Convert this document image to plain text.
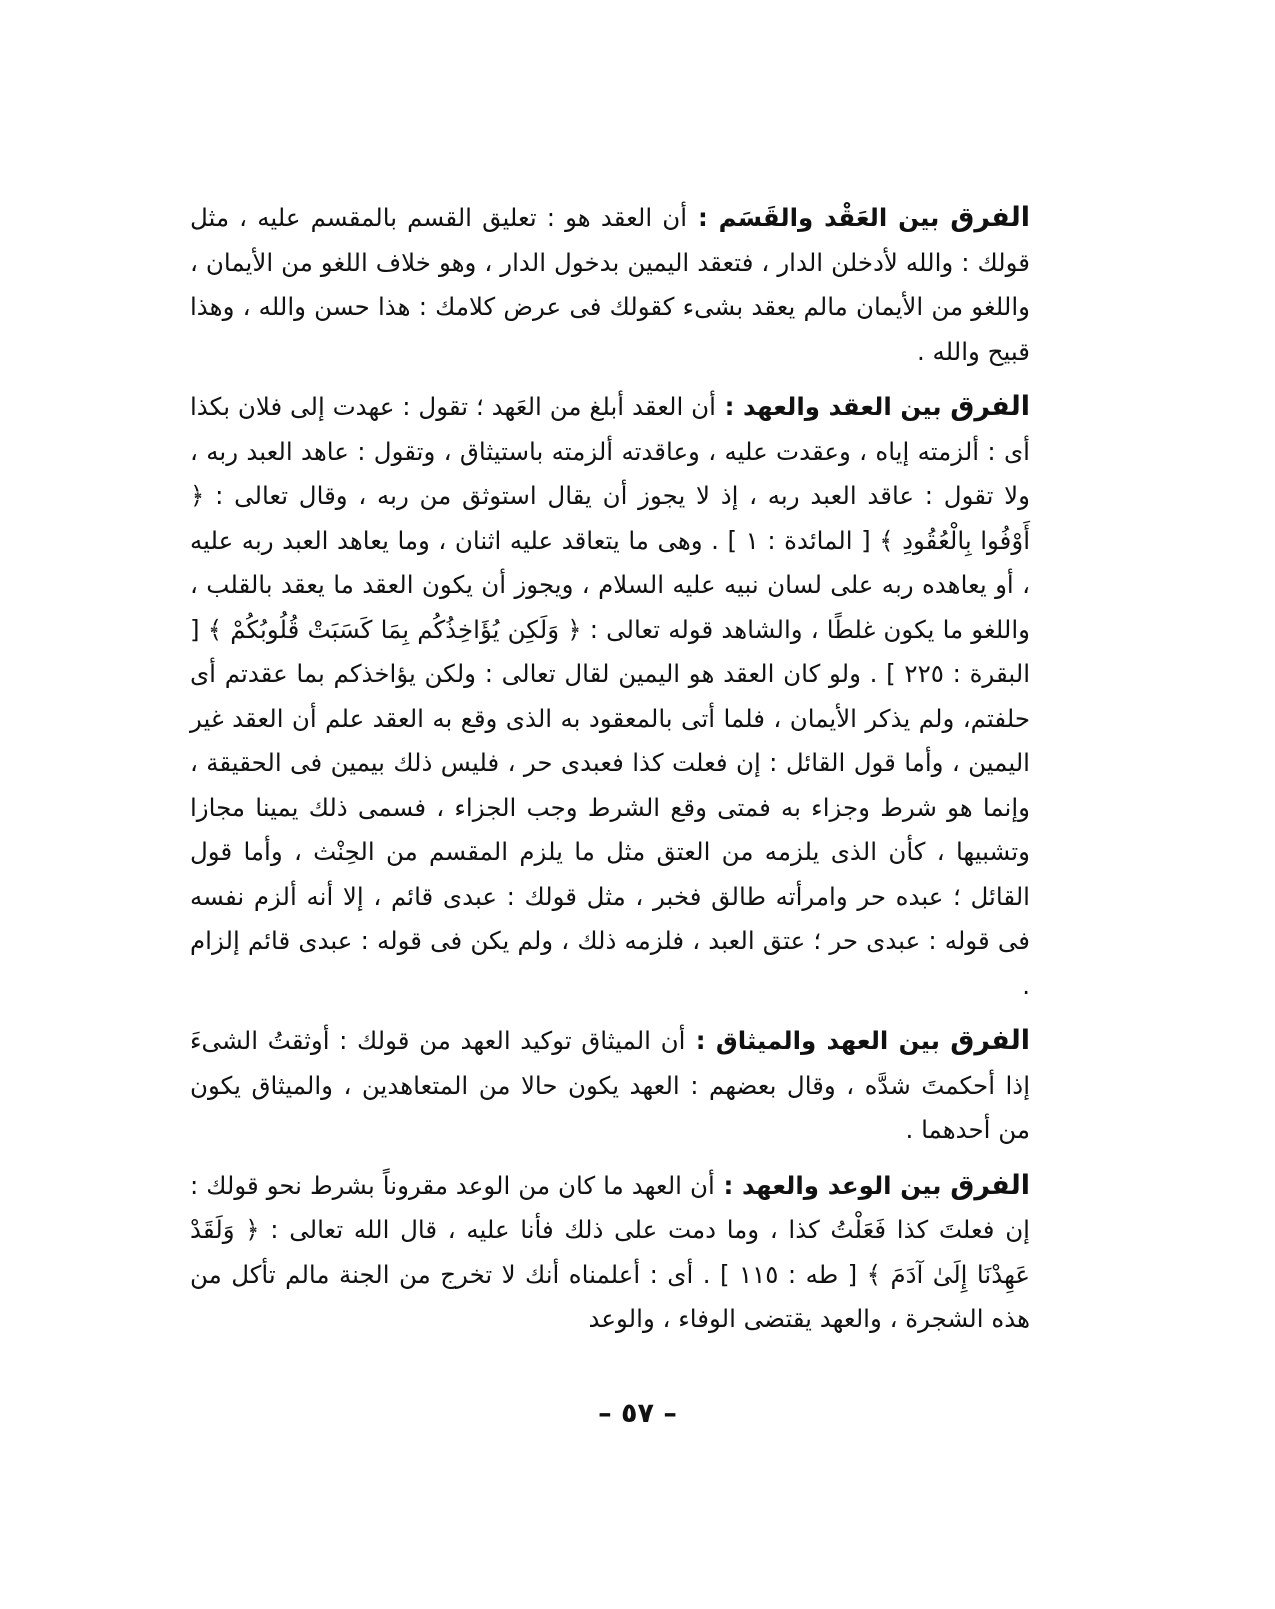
الفرق بين العَقْد والقَسَم : أن العقد هو : تعليق القسم بالمقسم عليه ، مثل قولك : والله لأدخلن الدار ، فتعقد اليمين بدخول الدار ، وهو خلاف اللغو من الأيمان ، واللغو من الأيمان مالم يعقد بشىء كقولك فى عرض كلامك : هذا حسن والله ، وهذا قبيح والله .

الفرق بين العقد والعهد : أن العقد أبلغ من العَهد ؛ تقول : عهدت إلى فلان بكذا أى : ألزمته إياه ، وعقدت عليه ، وعاقدته ألزمته باستيثاق ، وتقول : عاهد العبد ربه ، ولا تقول : عاقد العبد ربه ، إذ لا يجوز أن يقال استوثق من ربه ، وقال تعالى : ﴿ أَوْفُوا بِالْعُقُودِ ﴾ [ المائدة : ١ ] . وهى ما يتعاقد عليه اثنان ، وما يعاهد العبد ربه عليه ، أو يعاهده ربه على لسان نبيه عليه السلام ، ويجوز أن يكون العقد ما يعقد بالقلب ، واللغو ما يكون غلطًا ، والشاهد قوله تعالى : ﴿ وَلَكِن يُؤَاخِذُكُم بِمَا كَسَبَتْ قُلُوبُكُمْ ﴾ [ البقرة : ٢٢٥ ] . ولو كان العقد هو اليمين لقال تعالى : ولكن يؤاخذكم بما عقدتم أى حلفتم، ولم يذكر الأيمان ، فلما أتى بالمعقود به الذى وقع به العقد علم أن العقد غير اليمين ، وأما قول القائل : إن فعلت كذا فعبدى حر ، فليس ذلك بيمين فى الحقيقة ، وإنما هو شرط وجزاء به فمتى وقع الشرط وجب الجزاء ، فسمى ذلك يمينا مجازا وتشبيها ، كأن الذى يلزمه من العتق مثل ما يلزم المقسم من الحِنْث ، وأما قول القائل ؛ عبده حر وامرأته طالق فخبر ، مثل قولك : عبدى قائم ، إلا أنه ألزم نفسه فى قوله : عبدى حر ؛ عتق العبد ، فلزمه ذلك ، ولم يكن فى قوله : عبدى قائم إلزام .

الفرق بين العهد والميثاق : أن الميثاق توكيد العهد من قولك : أوثقتُ الشىءَ إذا أحكمتَ شدَّه ، وقال بعضهم : العهد يكون حالا من المتعاهدين ، والميثاق يكون من أحدهما .

الفرق بين الوعد والعهد : أن العهد ما كان من الوعد مقروناً بشرط نحو قولك : إن فعلتَ كذا فَعَلْتُ كذا ، وما دمت على ذلك فأنا عليه ، قال الله تعالى : ﴿ وَلَقَدْ عَهِدْنَا إِلَىٰ آدَمَ ﴾ [ طه : ١١٥ ] . أى : أعلمناه أنك لا تخرج من الجنة مالم تأكل من هذه الشجرة ، والعهد يقتضى الوفاء ، والوعد

– ٥٧ –
